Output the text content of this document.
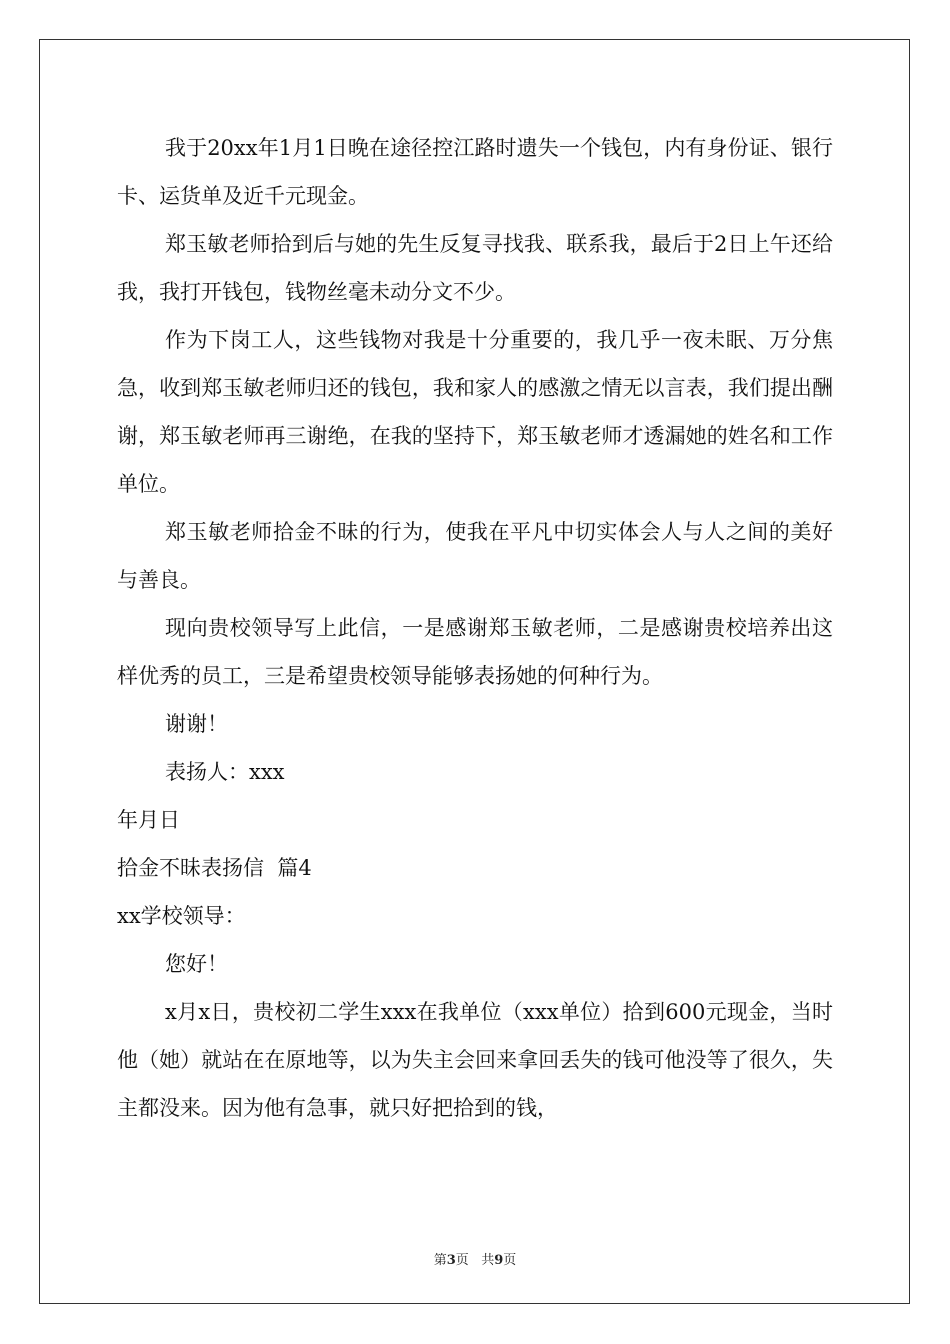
我于20xx年1月1日晚在途径控江路时遗失一个钱包，内有身份证、银行卡、运货单及近千元现金。

郑玉敏老师拾到后与她的先生反复寻找我、联系我，最后于2日上午还给我，我打开钱包，钱物丝毫未动分文不少。

作为下岗工人，这些钱物对我是十分重要的，我几乎一夜未眠、万分焦急，收到郑玉敏老师归还的钱包，我和家人的感激之情无以言表，我们提出酬谢，郑玉敏老师再三谢绝，在我的坚持下，郑玉敏老师才透漏她的姓名和工作单位。

郑玉敏老师拾金不昧的行为，使我在平凡中切实体会人与人之间的美好与善良。

现向贵校领导写上此信，一是感谢郑玉敏老师，二是感谢贵校培养出这样优秀的员工，三是希望贵校领导能够表扬她的何种行为。

谢谢！

表扬人：xxx

年月日

拾金不昧表扬信  篇4

xx学校领导：

您好！

x月x日，贵校初二学生xxx在我单位（xxx单位）拾到600元现金，当时他（她）就站在在原地等，以为失主会回来拿回丢失的钱可他没等了很久，失主都没来。因为他有急事，就只好把拾到的钱，

第3页   共9页
